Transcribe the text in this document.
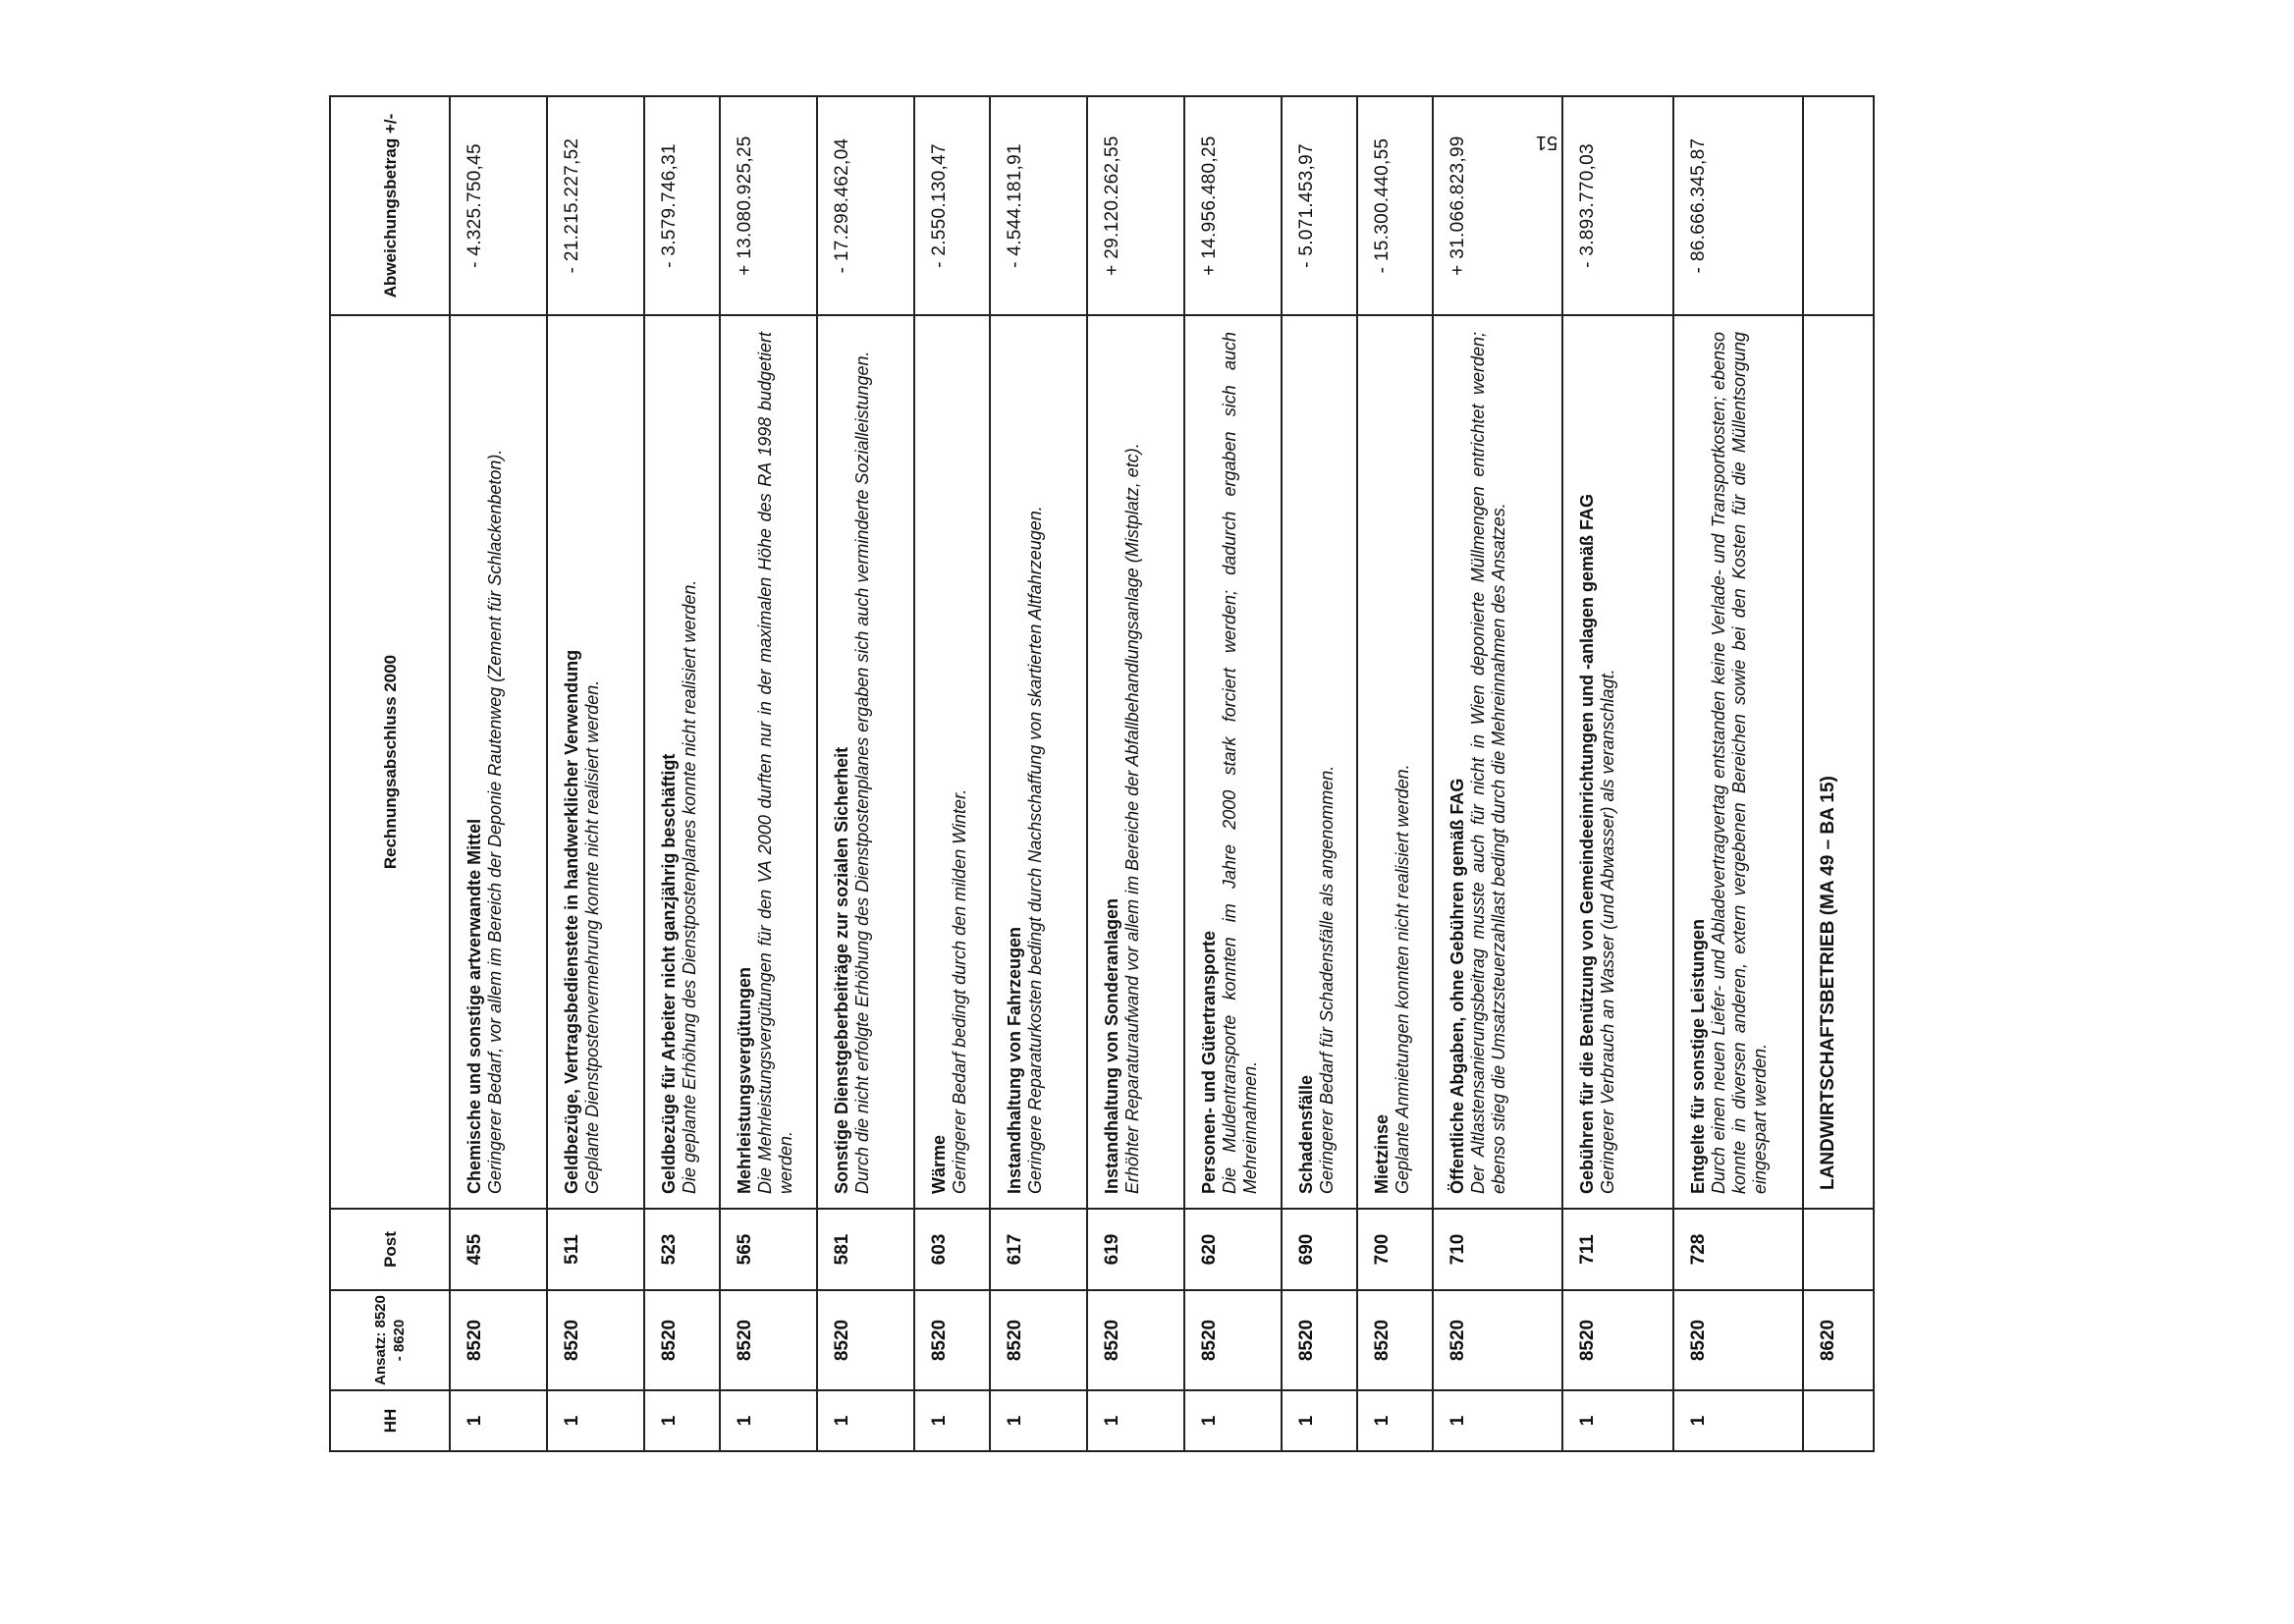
HH	Ansatz: 8520 - 8620	Post	Rechnungsabschluss 2000	Abweichungsbetrag +/-
1	8520	455	Chemische und sonstige artverwandte Mittel Geringerer Bedarf, vor allem im Bereich der Deponie Rautenweg (Zement für Schlackenbeton).	- 4.325.750,45
1	8520	511	Geldbezüge, Vertragsbedienstete in handwerklicher Verwendung Geplante Dienstpostenvermehrung konnte nicht realisiert werden.	- 21.215.227,52
1	8520	523	Geldbezüge für Arbeiter nicht ganzjährig beschäftigt Die geplante Erhöhung des Dienstpostenplanes konnte nicht realisiert werden.	- 3.579.746,31
1	8520	565	Mehrleistungsvergütungen Die Mehrleistungsvergütungen für den VA 2000 durften nur in der maximalen Höhe des RA 1998 budgetiert werden.	+ 13.080.925,25
1	8520	581	Sonstige Dienstgeberbeiträge zur sozialen Sicherheit Durch die nicht erfolgte Erhöhung des Dienstpostenplanes ergaben sich auch verminderte Sozialleistungen.	- 17.298.462,04
1	8520	603	Wärme Geringerer Bedarf bedingt durch den milden Winter.	- 2.550.130,47
1	8520	617	Instandhaltung von Fahrzeugen Geringere Reparaturkosten bedingt durch Nachschaffung von skartierten Altfahrzeugen.	- 4.544.181,91
1	8520	619	Instandhaltung von Sonderanlagen Erhöhter Reparaturaufwand vor allem im Bereiche der Abfallbehandlungsanlage (Mistplatz, etc).	+ 29.120.262,55
1	8520	620	Personen- und Gütertransporte Die Muldentransporte konnten im Jahre 2000 stark forciert werden; dadurch ergaben sich auch Mehreinnahmen.	+ 14.956.480,25
1	8520	690	Schadensfälle Geringerer Bedarf für Schadensfälle als angenommen.	- 5.071.453,97
1	8520	700	Mietzinse Geplante Anmietungen konnten nicht realisiert werden.	- 15.300.440,55
1	8520	710	Öffentliche Abgaben, ohne Gebühren gemäß FAG Der Altlastensanierungsbeitrag musste auch für nicht in Wien deponierte Müllmengen entrichtet werden; ebenso stieg die Umsatzsteuerzahllast bedingt durch die Mehreinnahmen des Ansatzes.	+ 31.066.823,99
1	8520	711	Gebühren für die Benützung von Gemeindeeinrichtungen und -anlagen gemäß FAG Geringerer Verbrauch an Wasser (und Abwasser) als veranschlagt.	- 3.893.770,03
1	8520	728	Entgelte für sonstige Leistungen Durch einen neuen Liefer- und Abladevertragvertag entstanden keine Verlade- und Transportkosten; ebenso konnte in diversen anderen, extern vergebenen Bereichen sowie bei den Kosten für die Müllentsorgung eingespart werden.	- 86.666.345,87
	8620		LANDWIRTSCHAFTSBETRIEB (MA 49 – BA 15)	
51
